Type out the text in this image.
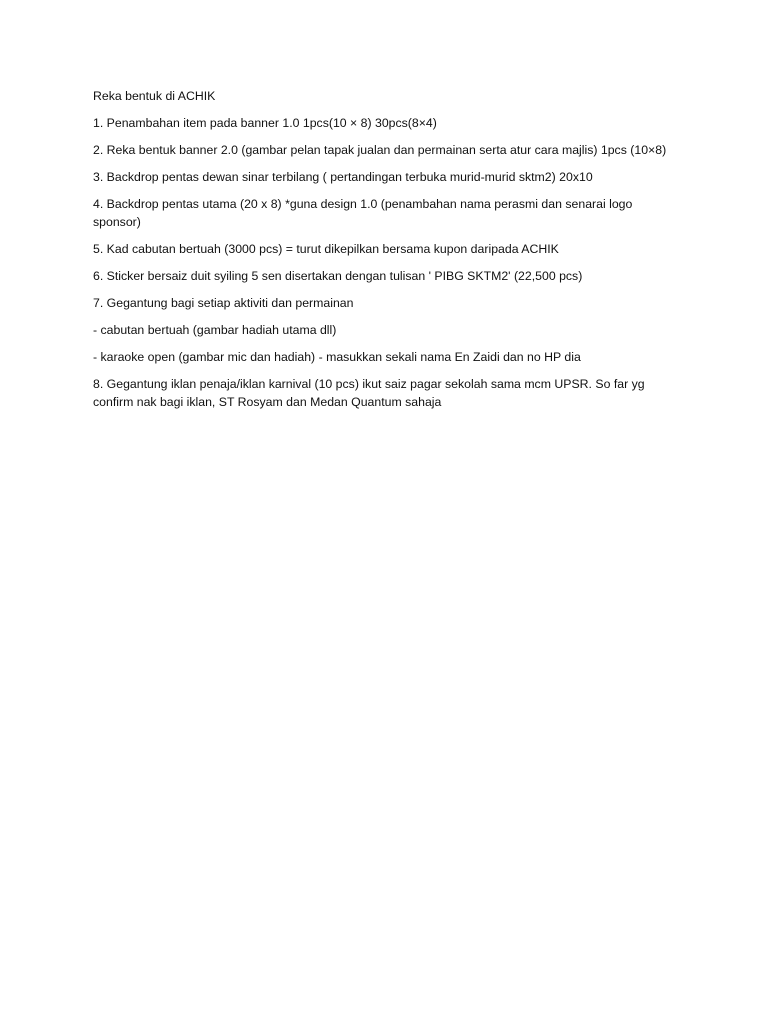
Reka bentuk di ACHIK

1. Penambahan item pada banner 1.0 1pcs(10 × 8) 30pcs(8×4)

2. Reka bentuk banner 2.0 (gambar pelan tapak jualan dan permainan serta atur cara majlis) 1pcs (10×8)

3. Backdrop pentas dewan sinar terbilang ( pertandingan terbuka murid-murid sktm2) 20x10

4. Backdrop pentas utama (20 x 8) *guna design 1.0 (penambahan nama perasmi dan senarai logo sponsor)

5. Kad cabutan bertuah (3000 pcs) = turut dikepilkan bersama kupon daripada ACHIK

6. Sticker bersaiz duit syiling 5 sen disertakan dengan tulisan ' PIBG SKTM2' (22,500 pcs)

7. Gegantung bagi setiap aktiviti dan permainan

- cabutan bertuah (gambar hadiah utama dll)

- karaoke open (gambar mic dan hadiah) - masukkan sekali nama En Zaidi dan no HP dia

8. Gegantung iklan penaja/iklan karnival (10 pcs) ikut saiz pagar sekolah sama mcm UPSR. So far yg confirm nak bagi iklan, ST Rosyam dan Medan Quantum sahaja
